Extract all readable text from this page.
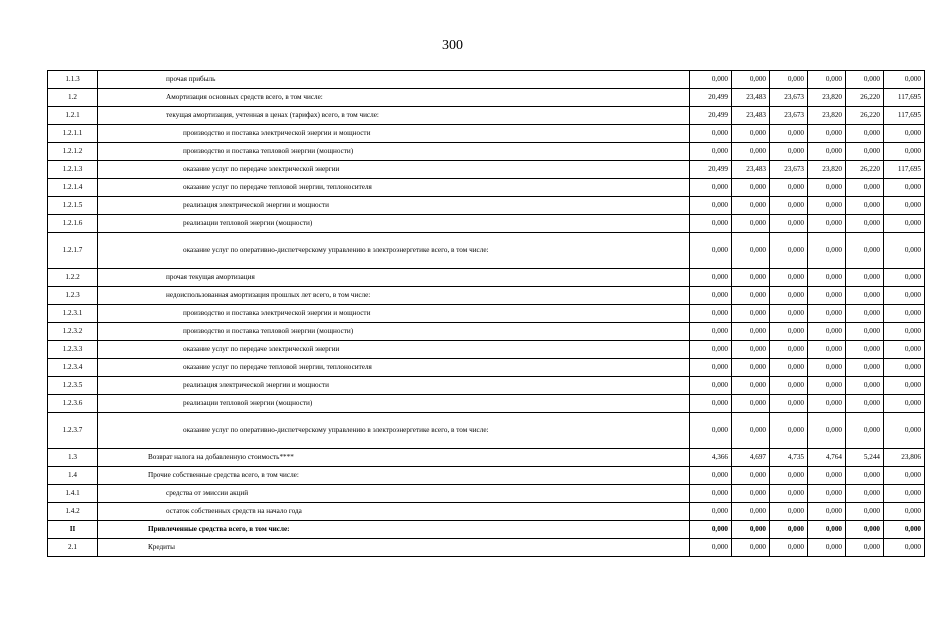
300
1.1.3	прочая прибыль	0,000	0,000	0,000	0,000	0,000	0,000
1.2	Амортизация основных средств всего, в том числе:	20,499	23,483	23,673	23,820	26,220	117,695
1.2.1	текущая амортизация, учтенная в ценах (тарифах) всего, в том числе:	20,499	23,483	23,673	23,820	26,220	117,695
1.2.1.1	производство и поставка электрической энергии и мощности	0,000	0,000	0,000	0,000	0,000	0,000
1.2.1.2	производство и поставка тепловой энергии (мощности)	0,000	0,000	0,000	0,000	0,000	0,000
1.2.1.3	оказание услуг по передаче электрической энергии	20,499	23,483	23,673	23,820	26,220	117,695
1.2.1.4	оказание услуг по передаче тепловой энергии, теплоносителя	0,000	0,000	0,000	0,000	0,000	0,000
1.2.1.5	реализация электрической энергии и мощности	0,000	0,000	0,000	0,000	0,000	0,000
1.2.1.6	реализации тепловой энергии (мощности)	0,000	0,000	0,000	0,000	0,000	0,000
1.2.1.7	оказание услуг по оперативно-диспетчерскому управлению в электроэнергетике всего, в том числе:	0,000	0,000	0,000	0,000	0,000	0,000
1.2.2	прочая текущая амортизация	0,000	0,000	0,000	0,000	0,000	0,000
1.2.3	недоиспользованная амортизация прошлых лет всего, в том числе:	0,000	0,000	0,000	0,000	0,000	0,000
1.2.3.1	производство и поставка электрической энергии и мощности	0,000	0,000	0,000	0,000	0,000	0,000
1.2.3.2	производство и поставка тепловой энергии (мощности)	0,000	0,000	0,000	0,000	0,000	0,000
1.2.3.3	оказание услуг по передаче электрической энергии	0,000	0,000	0,000	0,000	0,000	0,000
1.2.3.4	оказание услуг по передаче тепловой энергии, теплоносителя	0,000	0,000	0,000	0,000	0,000	0,000
1.2.3.5	реализация электрической энергии и мощности	0,000	0,000	0,000	0,000	0,000	0,000
1.2.3.6	реализации тепловой энергии (мощности)	0,000	0,000	0,000	0,000	0,000	0,000
1.2.3.7	оказание услуг по оперативно-диспетчерскому управлению в электроэнергетике всего, в том числе:	0,000	0,000	0,000	0,000	0,000	0,000
1.3	Возврат налога на добавленную стоимость****	4,366	4,697	4,735	4,764	5,244	23,806
1.4	Прочие собственные средства всего, в том числе:	0,000	0,000	0,000	0,000	0,000	0,000
1.4.1	средства от эмиссии акций	0,000	0,000	0,000	0,000	0,000	0,000
1.4.2	остаток собственных средств на начало года	0,000	0,000	0,000	0,000	0,000	0,000
II	Привлеченные средства всего, в том числе:	0,000	0,000	0,000	0,000	0,000	0,000
2.1	Кредиты	0,000	0,000	0,000	0,000	0,000	0,000
